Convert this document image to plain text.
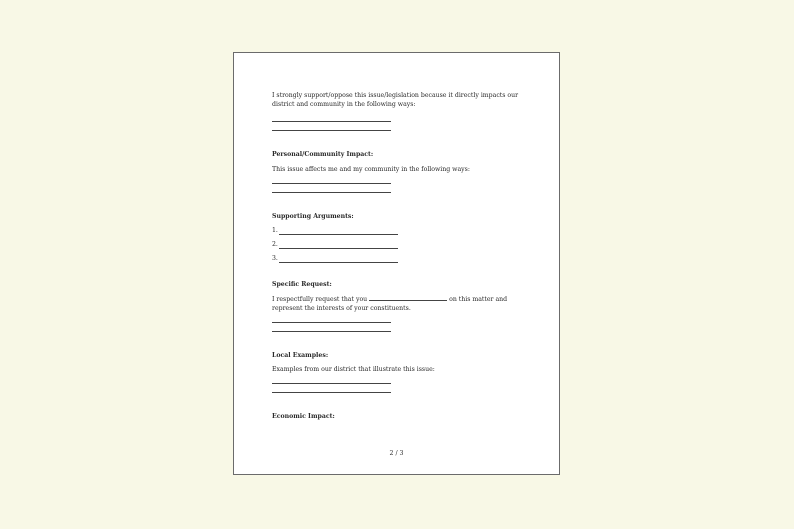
I strongly support/oppose this issue/legislation because it directly impacts our district and community in the following ways:

Personal/Community Impact:

This issue affects me and my community in the following ways:

Supporting Arguments:

1.
2.
3.

Specific Request:

I respectfully request that you	on this matter and represent the interests of your constituents.

Local Examples:

Examples from our district that illustrate this issue:

Economic Impact:

2 / 3
